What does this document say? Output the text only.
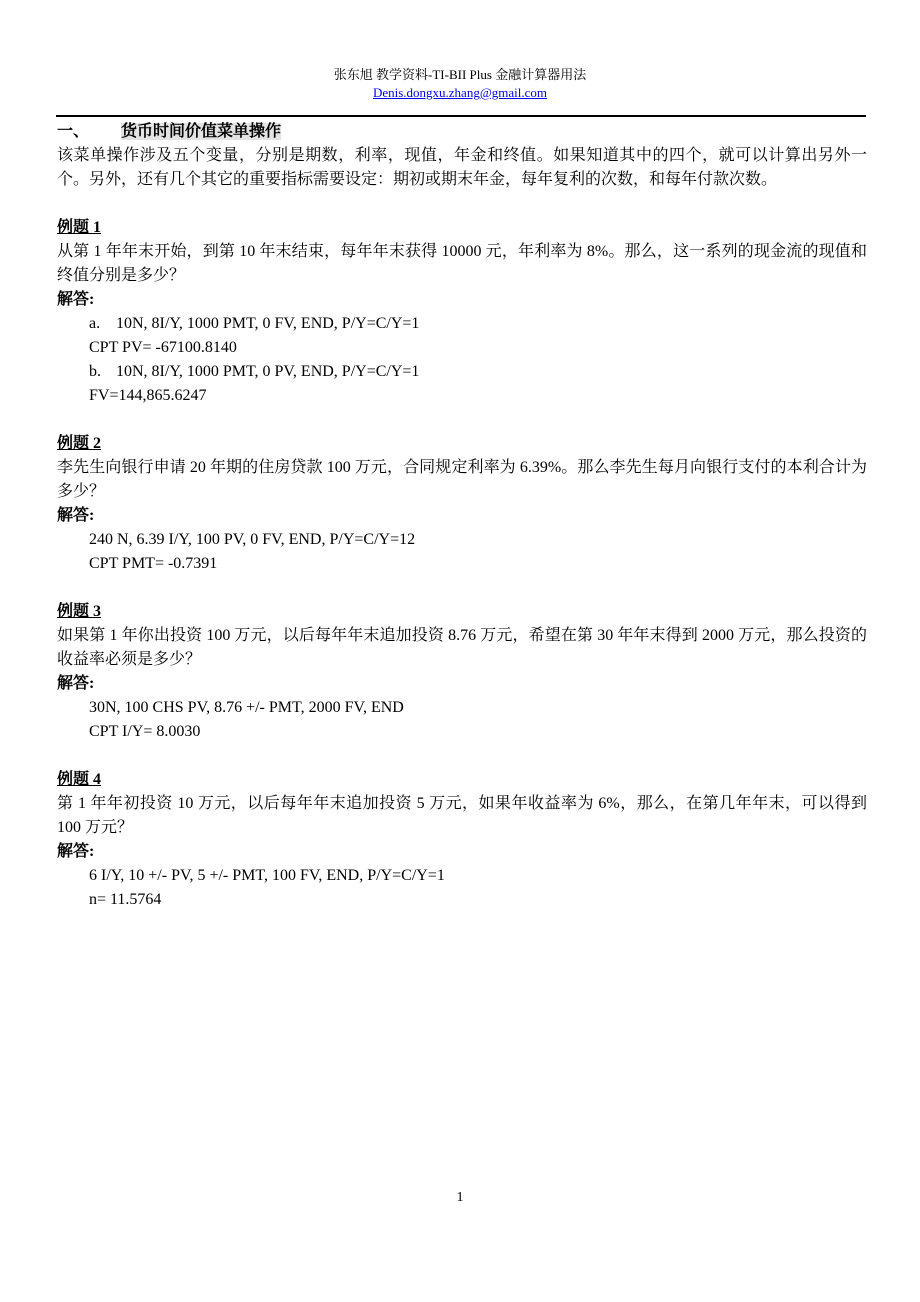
张东旭 教学资料-TI-BII Plus 金融计算器用法
Denis.dongxu.zhang@gmail.com
一、 货币时间价值菜单操作

该菜单操作涉及五个变量，分别是期数，利率，现值，年金和终值。如果知道其中的四个，就可以计算出另外一个。另外，还有几个其它的重要指标需要设定：期初或期末年金，每年复利的次数，和每年付款次数。

例题 1

从第 1 年年末开始，到第 10 年末结束，每年年末获得 10000 元，年利率为 8%。那么，这一系列的现金流的现值和终值分别是多少？

解答:
a. 10N, 8I/Y, 1000 PMT, 0 FV, END, P/Y=C/Y=1
CPT PV= -67100.8140
b. 10N, 8I/Y, 1000 PMT, 0 PV, END, P/Y=C/Y=1
FV=144,865.6247
例题 2

李先生向银行申请 20 年期的住房贷款 100 万元，合同规定利率为 6.39%。那么李先生每月向银行支付的本利合计为多少？

解答:
240 N, 6.39 I/Y, 100 PV, 0 FV, END, P/Y=C/Y=12
CPT PMT= -0.7391
例题 3

如果第 1 年你出投资 100 万元，以后每年年末追加投资 8.76 万元，希望在第 30 年年末得到 2000 万元，那么投资的收益率必须是多少？

解答:
30N, 100 CHS PV, 8.76 +/- PMT, 2000 FV, END
CPT I/Y= 8.0030
例题 4

第 1 年年初投资 10 万元，以后每年年末追加投资 5 万元，如果年收益率为 6%，那么，在第几年年末，可以得到 100 万元？

解答:
6 I/Y, 10 +/- PV, 5 +/- PMT, 100 FV, END, P/Y=C/Y=1
n= 11.5764
1
